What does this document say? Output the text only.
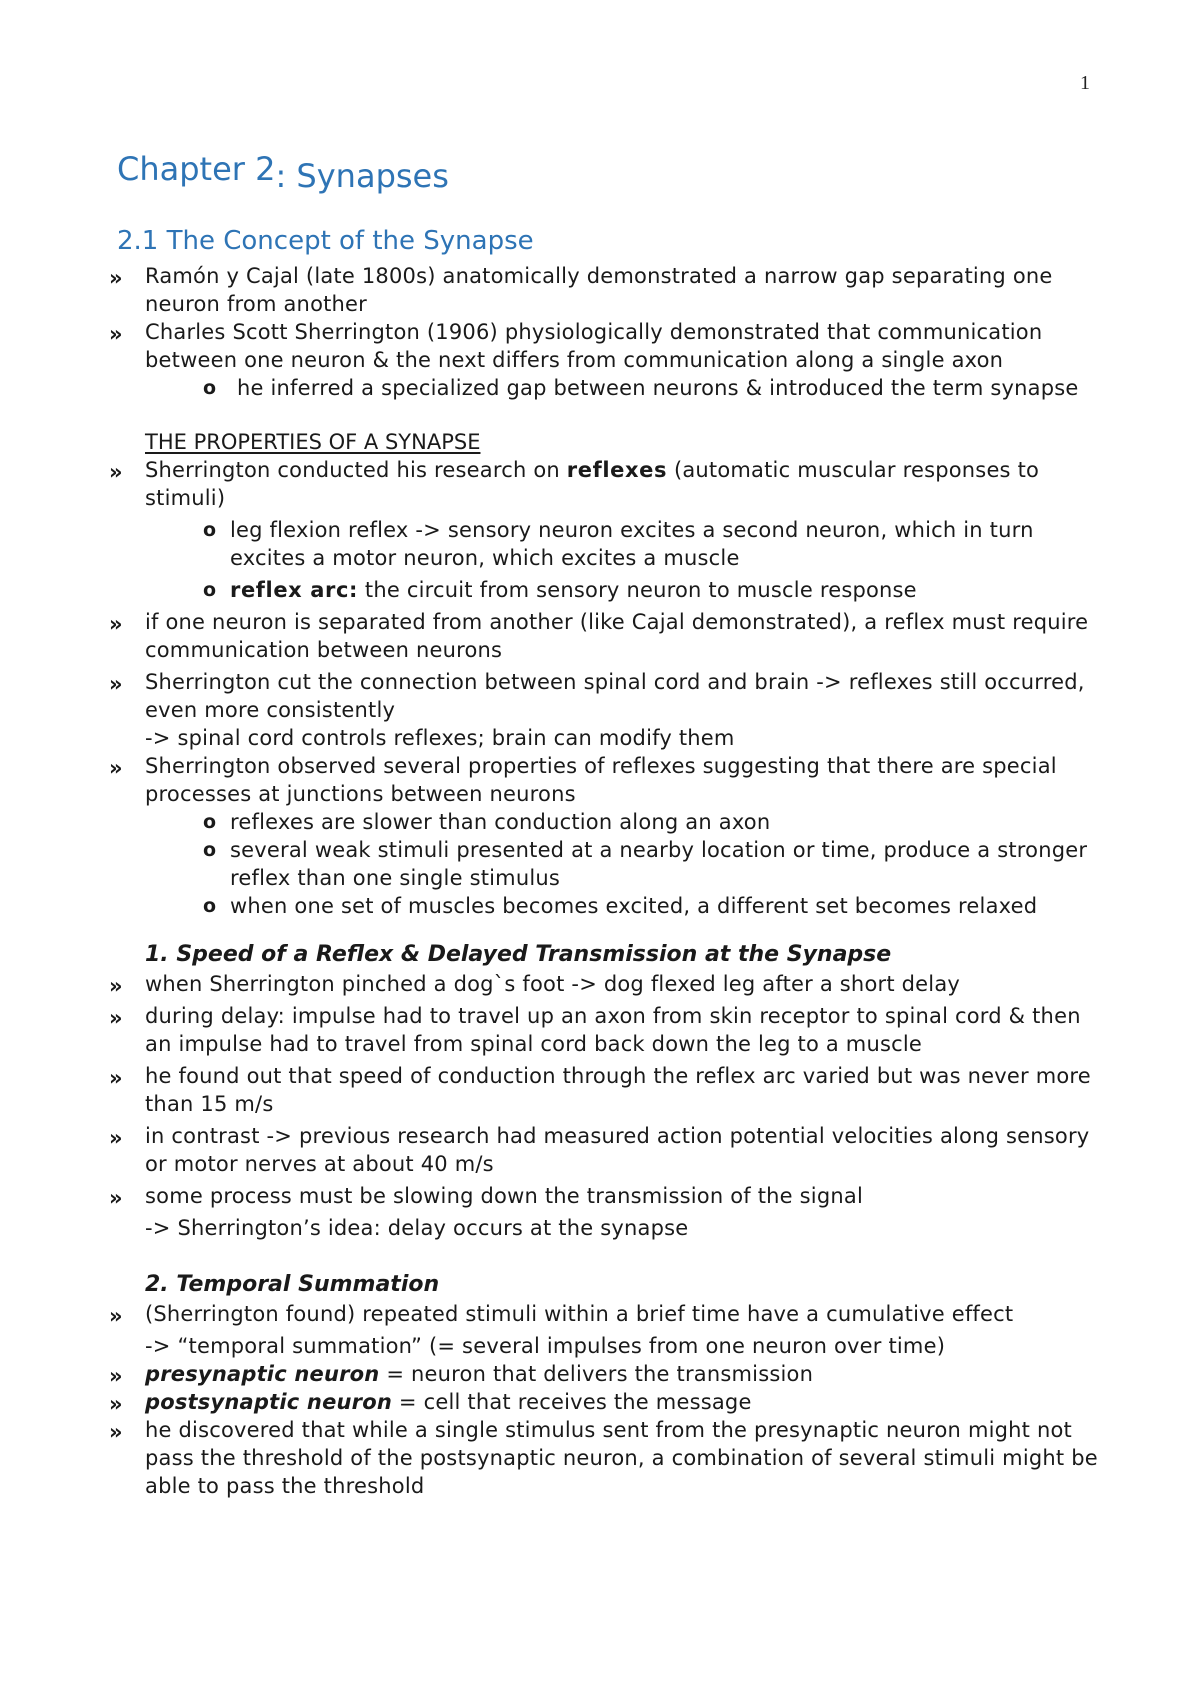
1
Chapter 2: Synapses
2.1 The Concept of the Synapse
» Ramón y Cajal (late 1800s) anatomically demonstrated a narrow gap separating one neuron from another
» Charles Scott Sherrington (1906) physiologically demonstrated that communication between one neuron & the next differs from communication along a single axon
o he inferred a specialized gap between neurons & introduced the term synapse
THE PROPERTIES OF A SYNAPSE
» Sherrington conducted his research on reflexes (automatic muscular responses to stimuli)
o leg flexion reflex -> sensory neuron excites a second neuron, which in turn excites a motor neuron, which excites a muscle
o reflex arc: the circuit from sensory neuron to muscle response
» if one neuron is separated from another (like Cajal demonstrated), a reflex must require communication between neurons
» Sherrington cut the connection between spinal cord and brain -> reflexes still occurred, even more consistently
-> spinal cord controls reflexes; brain can modify them
» Sherrington observed several properties of reflexes suggesting that there are special processes at junctions between neurons
o reflexes are slower than conduction along an axon
o several weak stimuli presented at a nearby location or time, produce a stronger reflex than one single stimulus
o when one set of muscles becomes excited, a different set becomes relaxed
1. Speed of a Reflex & Delayed Transmission at the Synapse
» when Sherrington pinched a dog`s foot -> dog flexed leg after a short delay
» during delay: impulse had to travel up an axon from skin receptor to spinal cord & then an impulse had to travel from spinal cord back down the leg to a muscle
» he found out that speed of conduction through the reflex arc varied but was never more than 15 m/s
» in contrast -> previous research had measured action potential velocities along sensory or motor nerves at about 40 m/s
» some process must be slowing down the transmission of the signal
-> Sherrington’s idea: delay occurs at the synapse
2. Temporal Summation
» (Sherrington found) repeated stimuli within a brief time have a cumulative effect
-> “temporal summation” (= several impulses from one neuron over time)
» presynaptic neuron = neuron that delivers the transmission
» postsynaptic neuron = cell that receives the message
» he discovered that while a single stimulus sent from the presynaptic neuron might not pass the threshold of the postsynaptic neuron, a combination of several stimuli might be able to pass the threshold
